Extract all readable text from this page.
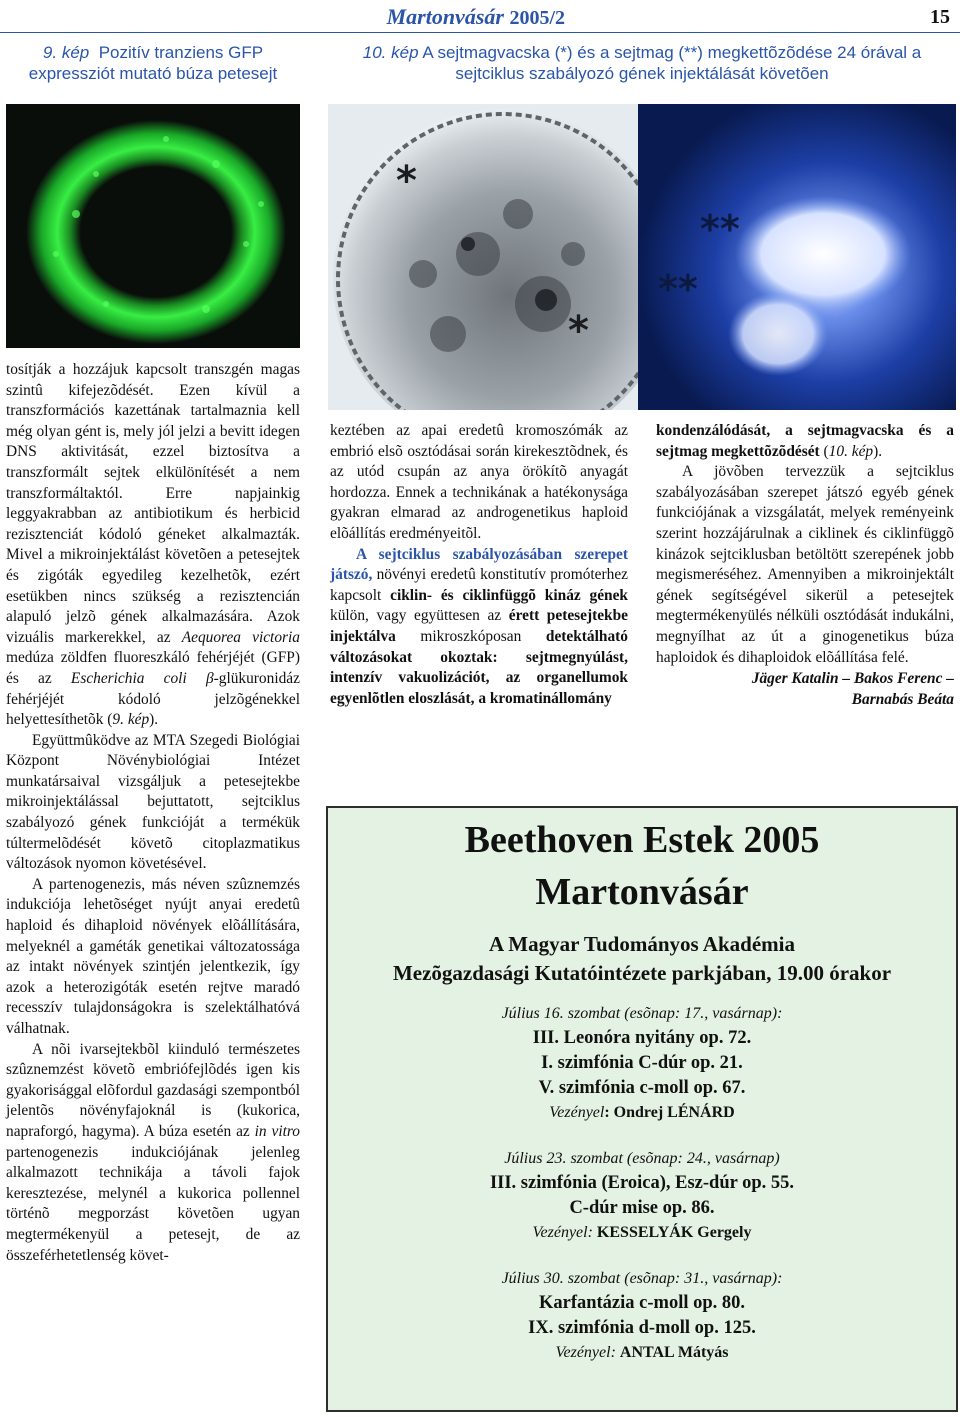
Martonvásár 2005/2	15
9. kép Pozitív tranziens GFP expressziót mutató búza petesejt
10. kép A sejtmagvacska (*) és a sejtmag (**) megkettõzõdése 24 órával a sejtciklus szabályozó gének injektálását követõen
*
*
**
**

tosítják a hozzájuk kapcsolt transzgén magas szintû kifejezõdését. Ezen kívül a transzformációs kazettának tartalmaznia kell még olyan gént is, mely jól jelzi a bevitt idegen DNS aktivitását, ezzel biztosítva a transzformált sejtek elkülönítését a nem transzformáltaktól. Erre napjainkig leggyakrabban az antibiotikum és herbicid rezisztenciát kódoló géneket alkalmazták. Mivel a mikroinjektálást követõen a petesejtek és zigóták egyedileg kezelhetõk, ezért esetükben nincs szükség a rezisztencián alapuló jelzõ gének alkalmazására. Azok vizuális markerekkel, az Aequorea victoria medúza zöldfen fluoreszkáló fehérjéjét (GFP) és az Escherichia coli β-glükuronidáz fehérjéjét kódoló jelzõgénekkel helyettesíthetõk (9. kép).

Együttmûködve az MTA Szegedi Biológiai Központ Növénybiológiai Intézet munkatársaival vizsgáljuk a petesejtekbe mikroinjektálással bejuttatott, sejtciklus szabályozó gének funkcióját a termékük túltermelõdését követõ citoplazmatikus változások nyomon követésével.

A partenogenezis, más néven szûznemzés indukciója lehetõséget nyújt anyai eredetû haploid és dihaploid növények elõállítására, melyeknél a gaméták genetikai változatossága az intakt növények szintjén jelentkezik, így azok a heterozigóták esetén rejtve maradó recesszív tulajdonságokra is szelektálhatóvá válhatnak.

A nõi ivarsejtekbõl kiinduló természetes szûznemzést követõ embriófejlõdés igen kis gyakorisággal elõfordul gazdasági szempontból jelentõs növényfajoknál is (kukorica, napraforgó, hagyma). A búza esetén az in vitro partenogenezis indukciójának jelenleg alkalmazott technikája a távoli fajok keresztezése, melynél a kukorica pollennel történõ megporzást követõen ugyan megtermékenyül a petesejt, de az összeférhetetlenség követ-

keztében az apai eredetû kromoszómák az embrió elsõ osztódásai során kirekesztõdnek, és az utód csupán az anya örökítõ anyagát hordozza. Ennek a technikának a hatékonysága gyakran elmarad az androgenetikus haploid elõállítás eredményeitõl.

A sejtciklus szabályozásában szerepet játszó, növényi eredetû konstitutív promóterhez kapcsolt ciklin- és ciklinfüggõ kináz gének külön, vagy együttesen az érett petesejtekbe injektálva mikroszkóposan detektálható változásokat okoztak: sejtmegnyúlást, intenzív vakuolizációt, az organellumok egyenlõtlen eloszlását, a kromatinállomány

kondenzálódását, a sejtmagvacska és a sejtmag megkettõzõdését (10. kép).

A jövõben tervezzük a sejtciklus szabályozásában szerepet játszó egyéb gének funkciójának a vizsgálatát, melyek reményeink szerint hozzájárulnak a ciklinek és ciklinfüggõ kinázok sejtciklusban betöltött szerepének jobb megismeréséhez. Amennyiben a mikroinjektált gének segítségével sikerül a petesejtek megtermékenyülés nélküli osztódását indukálni, megnyílhat az út a ginogenetikus búza haploidok és dihaploidok elõállítása felé.

Jäger Katalin – Bakos Ferenc –

Barnabás Beáta

Beethoven Estek 2005
Martonvásár
A Magyar Tudományos Akadémia
Mezõgazdasági Kutatóintézete parkjában, 19.00 órakor
Július 16. szombat (esõnap: 17., vasárnap):
III. Leonóra nyitány op. 72.
I. szimfónia C-dúr op. 21.
V. szimfónia c-moll op. 67.
Vezényel: Ondrej LÉNÁRD
Július 23. szombat (esõnap: 24., vasárnap)
III. szimfónia (Eroica), Esz-dúr op. 55.
C-dúr mise op. 86.
Vezényel: KESSELYÁK Gergely
Július 30. szombat (esõnap: 31., vasárnap):
Karfantázia c-moll op. 80.
IX. szimfónia d-moll op. 125.
Vezényel: ANTAL Mátyás
